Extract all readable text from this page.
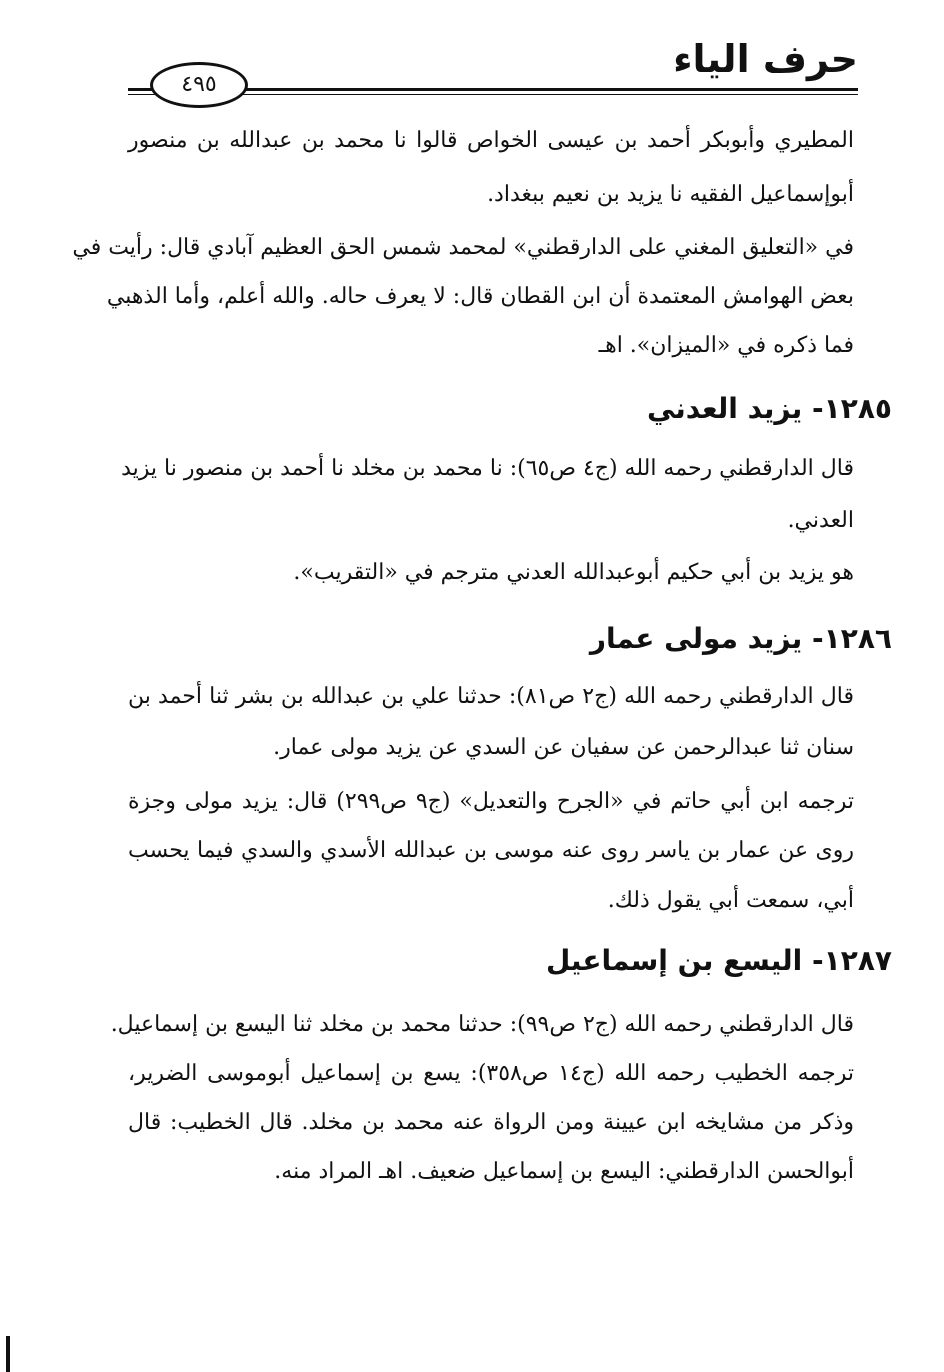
حرف الياء
٤٩٥
المطيري وأبوبكر أحمد بن عيسى الخواص قالوا نا محمد بن عبدالله بن منصور
أبوإسماعيل الفقيه نا يزيد بن نعيم ببغداد.
في «التعليق المغني على الدارقطني» لمحمد شمس الحق العظيم آبادي قال: رأيت في
بعض الهوامش المعتمدة أن ابن القطان قال: لا يعرف حاله. والله أعلم، وأما الذهبي
فما ذكره في «الميزان». اهـ
١٢٨٥- يزيد العدني
قال الدارقطني رحمه الله (ج٤ ص٦٥): نا محمد بن مخلد نا أحمد بن منصور نا يزيد
العدني.
هو يزيد بن أبي حكيم أبوعبدالله العدني مترجم في «التقريب».
١٢٨٦- يزيد مولى عمار
قال الدارقطني رحمه الله (ج٢ ص٨١): حدثنا علي بن عبدالله بن بشر ثنا أحمد بن
سنان ثنا عبدالرحمن عن سفيان عن السدي عن يزيد مولى عمار.
ترجمه ابن أبي حاتم في «الجرح والتعديل» (ج٩ ص٢٩٩) قال: يزيد مولى وجزة
روى عن عمار بن ياسر روى عنه موسى بن عبدالله الأسدي والسدي فيما يحسب
أبي، سمعت أبي يقول ذلك.
١٢٨٧- اليسع بن إسماعيل
قال الدارقطني رحمه الله (ج٢ ص٩٩): حدثنا محمد بن مخلد ثنا اليسع بن إسماعيل.
ترجمه الخطيب رحمه الله (ج١٤ ص٣٥٨): يسع بن إسماعيل أبوموسى الضرير،
وذكر من مشايخه ابن عيينة ومن الرواة عنه محمد بن مخلد. قال الخطيب: قال
أبوالحسن الدارقطني: اليسع بن إسماعيل ضعيف. اهـ المراد منه.
